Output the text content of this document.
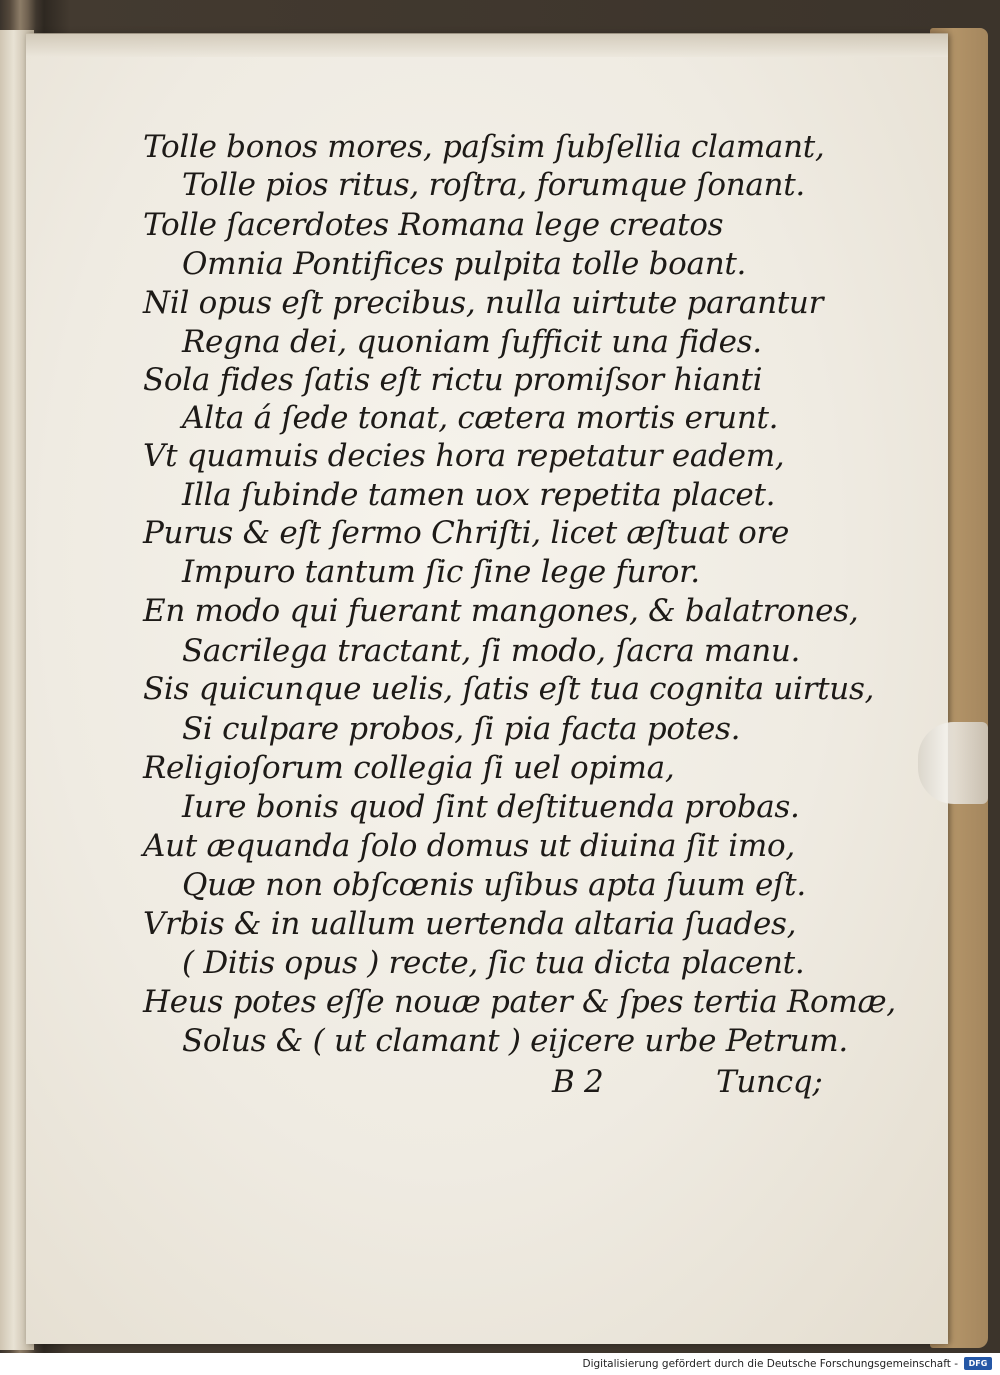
Tolle bonos mores, paſsim ſubſellia clamant,

Tolle pios ritus, roſtra, forumque ſonant.

Tolle ſacerdotes Romana lege creatos

Omnia Pontifices pulpita tolle boant.

Nil opus eſt precibus, nulla uirtute parantur

Regna dei, quoniam ſufficit una fides.

Sola fides ſatis eſt rictu promiſsor hianti

Alta á ſede tonat, cætera mortis erunt.

Vt quamuis decies hora repetatur eadem,

Illa ſubinde tamen uox repetita placet.

Purus & eſt ſermo Chriſti, licet æſtuat ore

Impuro tantum ſic ſine lege furor.

En modo qui fuerant mangones, & balatrones,

Sacrilega tractant, ſi modo, ſacra manu.

Sis quicunque uelis, ſatis eſt tua cognita uirtus,

Si culpare probos, ſi pia facta potes.

Religioſorum collegia ſi uel opima,

Iure bonis quod ſint deſtituenda probas.

Aut æquanda ſolo domus ut diuina ſit imo,

Quæ non obſcœnis uſibus apta ſuum eſt.

Vrbis & in uallum uertenda altaria ſuades,

( Ditis opus ) recte, ſic tua dicta placent.

Heus potes eſſe nouæ pater & ſpes tertia Romæ,

Solus & ( ut clamant ) eijcere urbe Petrum.

B 2	Tuncq;

Digitalisierung gefördert durch die Deutsche Forschungsgemeinschaft -	DFG
